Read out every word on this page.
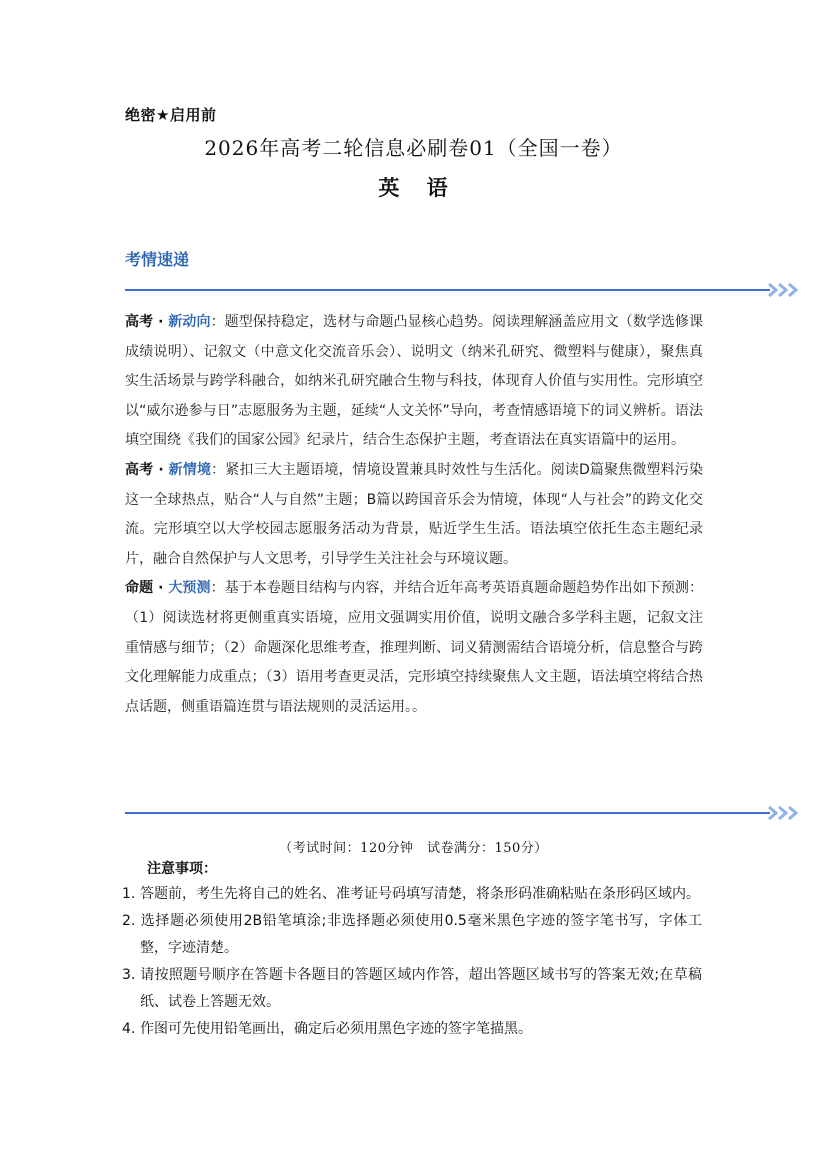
绝密★启用前
2026年高考二轮信息必刷卷01（全国一卷）
英 语
考情速递

高考 · 新动向：题型保持稳定，选材与命题凸显核心趋势。阅读理解涵盖应用文（数学选修课成绩说明）、记叙文（中意文化交流音乐会）、说明文（纳米孔研究、微塑料与健康），聚焦真实生活场景与跨学科融合，如纳米孔研究融合生物与科技，体现育人价值与实用性。完形填空以“威尔逊参与日”志愿服务为主题，延续“人文关怀”导向，考查情感语境下的词义辨析。语法填空围绕《我们的国家公园》纪录片，结合生态保护主题，考查语法在真实语篇中的运用。

高考 · 新情境：紧扣三大主题语境，情境设置兼具时效性与生活化。阅读D篇聚焦微塑料污染这一全球热点，贴合“人与自然”主题；B篇以跨国音乐会为情境，体现“人与社会”的跨文化交流。完形填空以大学校园志愿服务活动为背景，贴近学生生活。语法填空依托生态主题纪录片，融合自然保护与人文思考，引导学生关注社会与环境议题。

命题 · 大预测：基于本卷题目结构与内容，并结合近年高考英语真题命题趋势作出如下预测：（1）阅读选材将更侧重真实语境，应用文强调实用价值，说明文融合多学科主题，记叙文注重情感与细节；（2）命题深化思维考查，推理判断、词义猜测需结合语境分析，信息整合与跨文化理解能力成重点；（3）语用考查更灵活，完形填空持续聚焦人文主题，语法填空将结合热点话题，侧重语篇连贯与语法规则的灵活运用。。

（考试时间：120分钟　试卷满分：150分）
注意事项：
1. 答题前，考生先将自己的姓名、准考证号码填写清楚，将条形码准确粘贴在条形码区域内。
2. 选择题必须使用2B铅笔填涂;非选择题必须使用0.5毫米黑色字迹的签字笔书写，字体工整，字迹清楚。
3. 请按照题号顺序在答题卡各题目的答题区域内作答，超出答题区域书写的答案无效;在草稿纸、试卷上答题无效。
4. 作图可先使用铅笔画出，确定后必须用黑色字迹的签字笔描黑。
